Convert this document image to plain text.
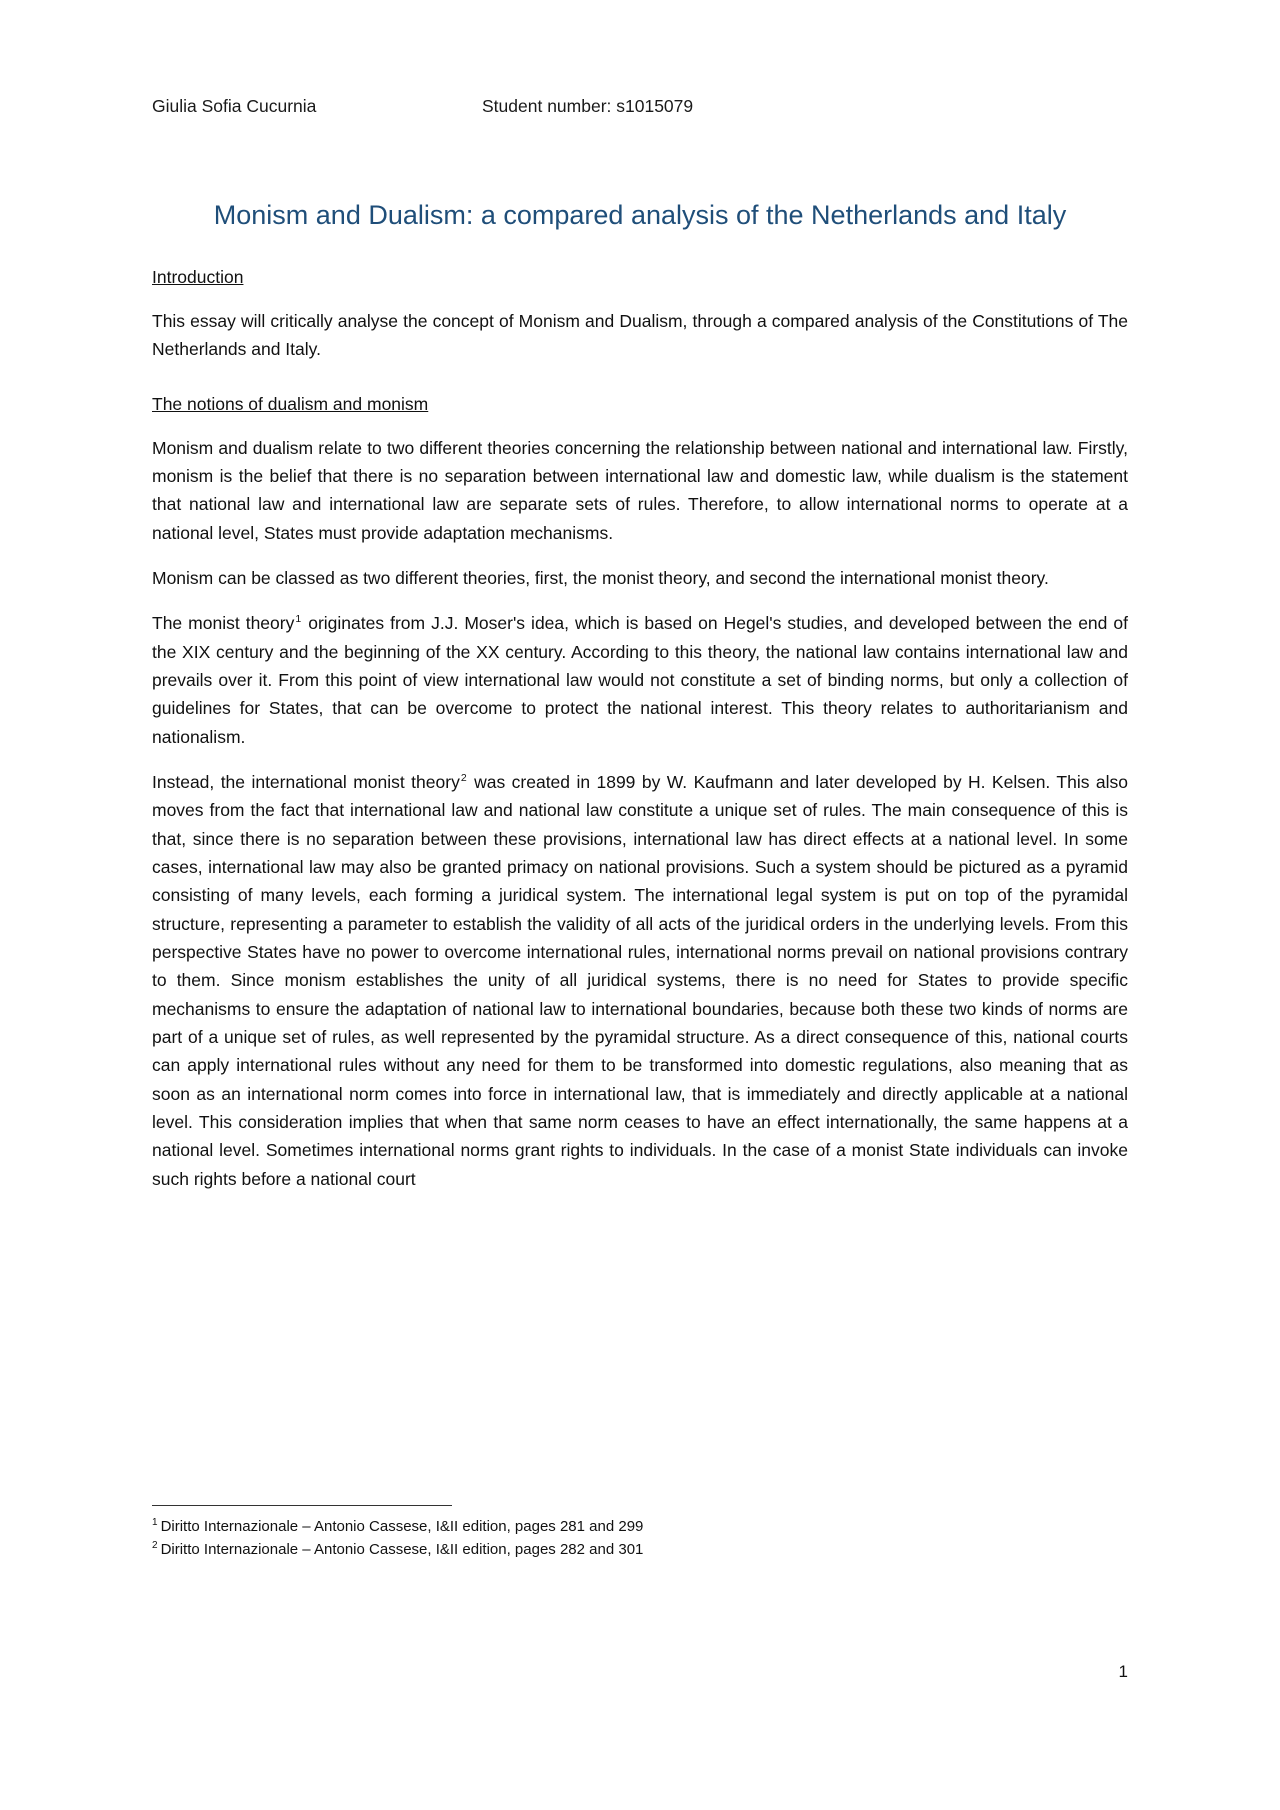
Giulia Sofia Cucurnia	Student number: s1015079
Monism and Dualism: a compared analysis of the Netherlands and Italy
Introduction

This essay will critically analyse the concept of Monism and Dualism, through a compared analysis of the Constitutions of The Netherlands and Italy.

The notions of dualism and monism

Monism and dualism relate to two different theories concerning the relationship between national and international law. Firstly, monism is the belief that there is no separation between international law and domestic law, while dualism is the statement that national law and international law are separate sets of rules. Therefore, to allow international norms to operate at a national level, States must provide adaptation mechanisms.

Monism can be classed as two different theories, first, the monist theory, and second the international monist theory.

The monist theory$^1$ originates from J.J. Moser's idea, which is based on Hegel's studies, and developed between the end of the XIX century and the beginning of the XX century. According to this theory, the national law contains international law and prevails over it. From this point of view international law would not constitute a set of binding norms, but only a collection of guidelines for States, that can be overcome to protect the national interest. This theory relates to authoritarianism and nationalism.

Instead, the international monist theory$^2$ was created in 1899 by W. Kaufmann and later developed by H. Kelsen. This also moves from the fact that international law and national law constitute a unique set of rules. The main consequence of this is that, since there is no separation between these provisions, international law has direct effects at a national level. In some cases, international law may also be granted primacy on national provisions. Such a system should be pictured as a pyramid consisting of many levels, each forming a juridical system. The international legal system is put on top of the pyramidal structure, representing a parameter to establish the validity of all acts of the juridical orders in the underlying levels. From this perspective States have no power to overcome international rules, international norms prevail on national provisions contrary to them. Since monism establishes the unity of all juridical systems, there is no need for States to provide specific mechanisms to ensure the adaptation of national law to international boundaries, because both these two kinds of norms are part of a unique set of rules, as well represented by the pyramidal structure. As a direct consequence of this, national courts can apply international rules without any need for them to be transformed into domestic regulations, also meaning that as soon as an international norm comes into force in international law, that is immediately and directly applicable at a national level. This consideration implies that when that same norm ceases to have an effect internationally, the same happens at a national level. Sometimes international norms grant rights to individuals. In the case of a monist State individuals can invoke such rights before a national court

$^1$ Diritto Internazionale – Antonio Cassese, I&II edition, pages 281 and 299
$^2$ Diritto Internazionale – Antonio Cassese, I&II edition, pages 282 and 301
1
